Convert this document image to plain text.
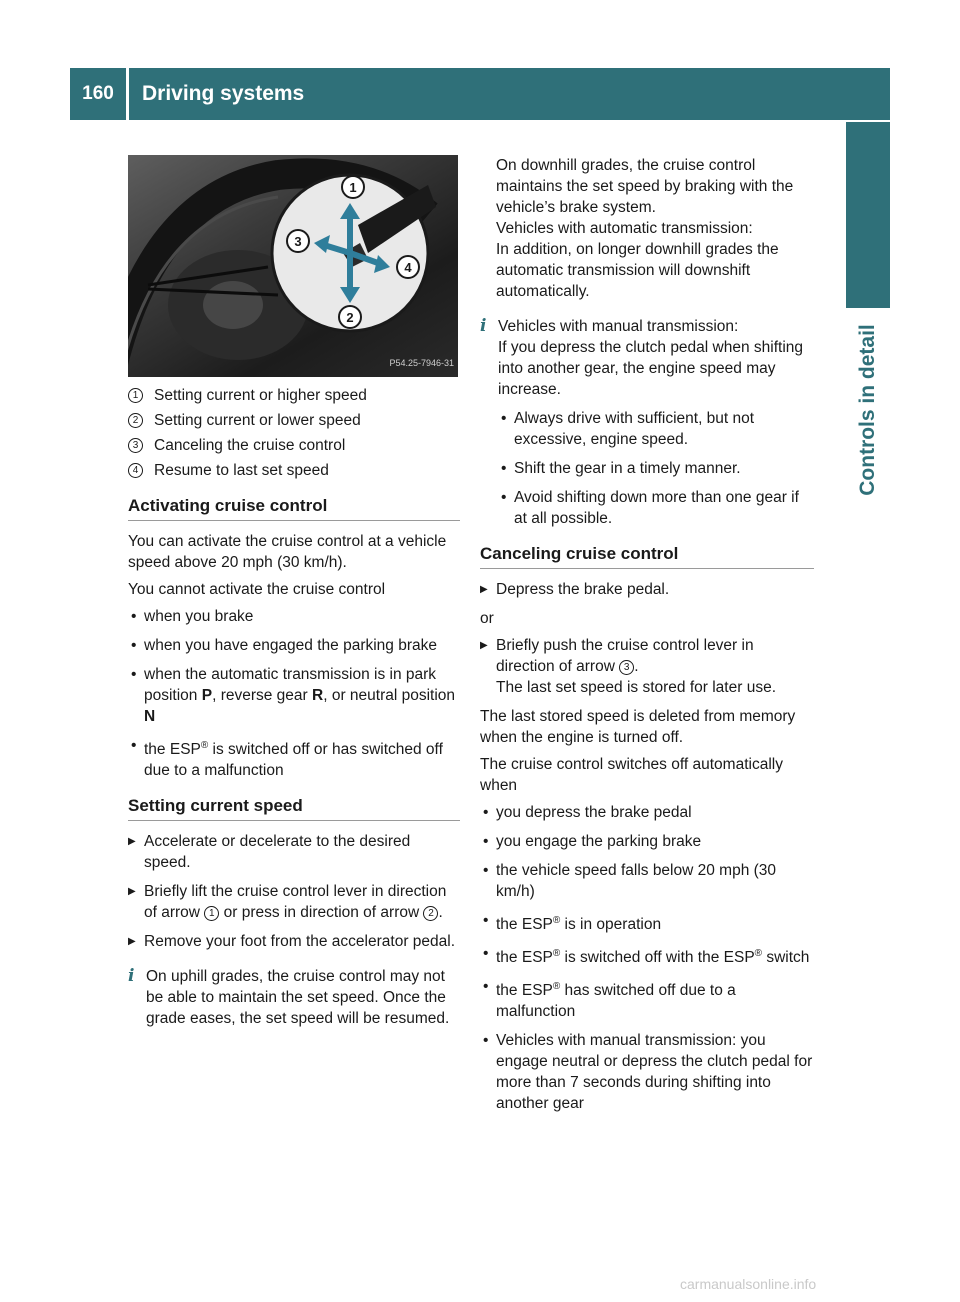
160	Driving systems
Controls in detail
1
2
3
4
P54.25-7946-31
1	Setting current or higher speed
2	Setting current or lower speed
3	Canceling the cruise control
4	Resume to last set speed
Activating cruise control

You can activate the cruise control at a vehicle speed above 20 mph (30 km/h).

You cannot activate the cruise control

• when you brake
• when you have engaged the parking brake
• when the automatic transmission is in park position P, reverse gear R, or neutral position N
• the ESP® is switched off or has switched off due to a malfunction
Setting current speed
▶ Accelerate or decelerate to the desired speed.
▶ Briefly lift the cruise control lever in direction of arrow 1 or press in direction of arrow 2 .
▶ Remove your foot from the accelerator pedal.
i On uphill grades, the cruise control may not be able to maintain the set speed. Once the grade eases, the set speed will be resumed.
On downhill grades, the cruise control maintains the set speed by braking with the vehicle’s brake system.
Vehicles with automatic transmission:
In addition, on longer downhill grades the automatic transmission will downshift automatically.
i Vehicles with manual transmission:
If you depress the clutch pedal when shifting into another gear, the engine speed may increase.
• Always drive with sufficient, but not excessive, engine speed.
• Shift the gear in a timely manner.
• Avoid shifting down more than one gear if at all possible.
Canceling cruise control
▶ Depress the brake pedal.

or

▶ Briefly push the cruise control lever in direction of arrow 3 .
The last set speed is stored for later use.

The last stored speed is deleted from memory when the engine is turned off.

The cruise control switches off automatically when

• you depress the brake pedal
• you engage the parking brake
• the vehicle speed falls below 20 mph (30 km/h)
• the ESP® is in operation
• the ESP® is switched off with the ESP® switch
• the ESP® has switched off due to a malfunction
• Vehicles with manual transmission: you engage neutral or depress the clutch pedal for more than 7 seconds during shifting into another gear
carmanualsonline.info
